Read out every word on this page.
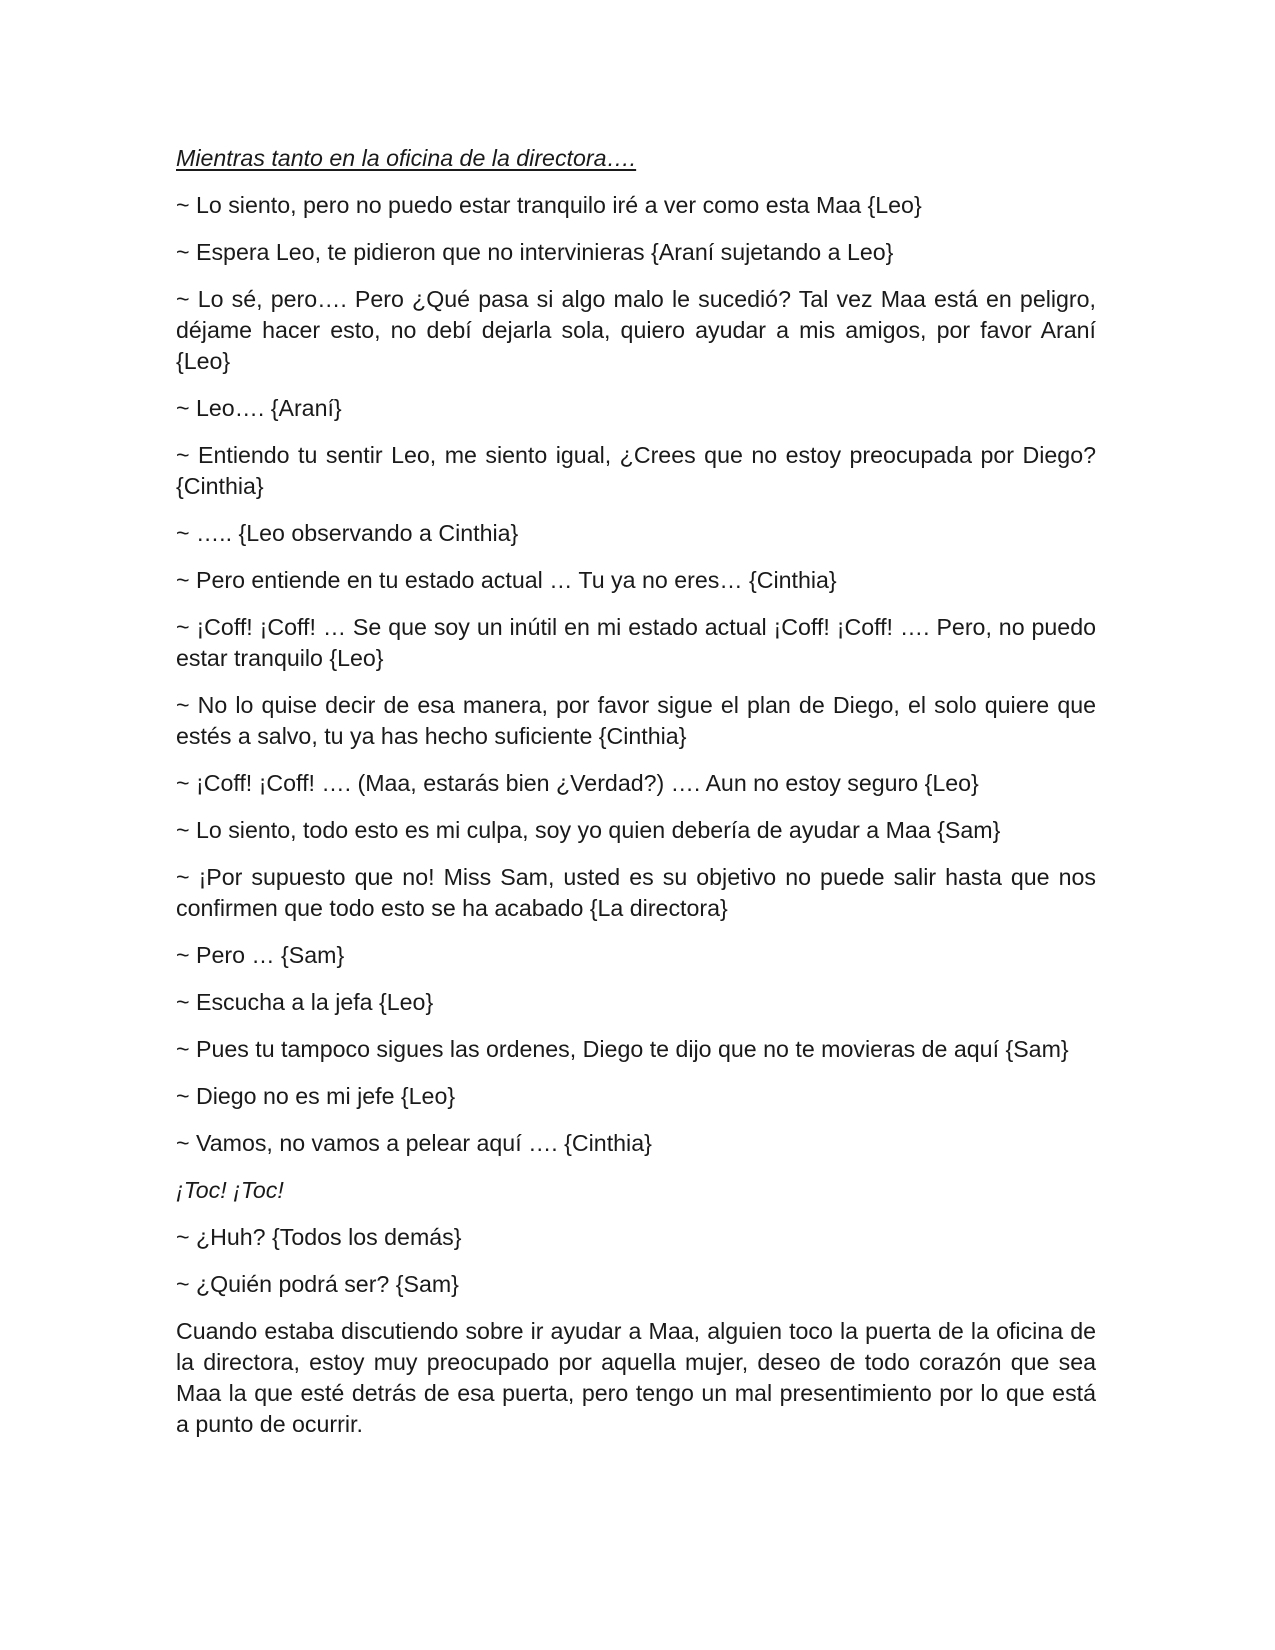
Mientras tanto en la oficina de la directora….

~ Lo siento, pero no puedo estar tranquilo iré a ver como esta Maa {Leo}

~ Espera Leo, te pidieron que no intervinieras {Araní sujetando a Leo}

~ Lo sé, pero…. Pero ¿Qué pasa si algo malo le sucedió? Tal vez Maa está en peligro, déjame hacer esto, no debí dejarla sola, quiero ayudar a mis amigos, por favor Araní {Leo}

~ Leo…. {Araní}

~ Entiendo tu sentir Leo, me siento igual, ¿Crees que no estoy preocupada por Diego? {Cinthia}

~ ….. {Leo observando a Cinthia}

~ Pero entiende en tu estado actual … Tu ya no eres… {Cinthia}

~ ¡Coff! ¡Coff! … Se que soy un inútil en mi estado actual ¡Coff! ¡Coff! …. Pero, no puedo estar tranquilo {Leo}

~ No lo quise decir de esa manera, por favor sigue el plan de Diego, el solo quiere que estés a salvo, tu ya has hecho suficiente {Cinthia}

~ ¡Coff! ¡Coff! …. (Maa, estarás bien ¿Verdad?) …. Aun no estoy seguro {Leo}

~ Lo siento, todo esto es mi culpa, soy yo quien debería de ayudar a Maa {Sam}

~ ¡Por supuesto que no! Miss Sam, usted es su objetivo no puede salir hasta que nos confirmen que todo esto se ha acabado {La directora}

~ Pero … {Sam}

~ Escucha a la jefa {Leo}

~ Pues tu tampoco sigues las ordenes, Diego te dijo que no te movieras de aquí {Sam}

~ Diego no es mi jefe {Leo}

~ Vamos, no vamos a pelear aquí …. {Cinthia}

¡Toc! ¡Toc!

~ ¿Huh? {Todos los demás}

~ ¿Quién podrá ser? {Sam}

Cuando estaba discutiendo sobre ir ayudar a Maa, alguien toco la puerta de la oficina de la directora, estoy muy preocupado por aquella mujer, deseo de todo corazón que sea Maa la que esté detrás de esa puerta, pero tengo un mal presentimiento por lo que está a punto de ocurrir.
